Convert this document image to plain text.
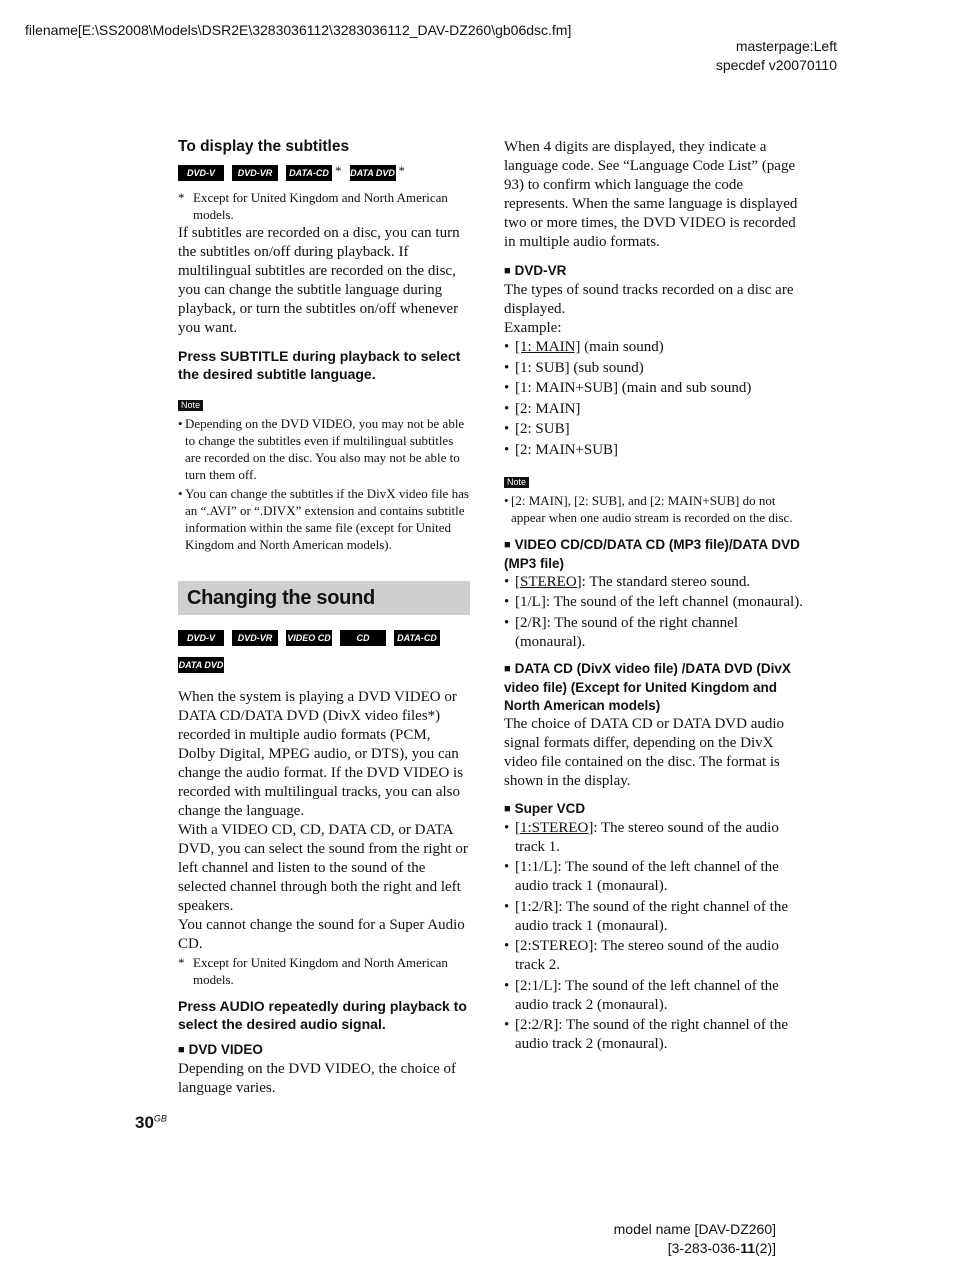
filename[E:\SS2008\Models\DSR2E\3283036112\3283036112_DAV-DZ260\gb06dsc.fm]
masterpage:Left
specdef v20070110
To display the subtitles
DVD-V	DVD-VR	DATA-CD * DATA DVD *
* Except for United Kingdom and North American models.

If subtitles are recorded on a disc, you can turn the subtitles on/off during playback. If multilingual subtitles are recorded on the disc, you can change the subtitle language during playback, or turn the subtitles on/off whenever you want.

Press SUBTITLE during playback to select the desired subtitle language.

Note
• Depending on the DVD VIDEO, you may not be able to change the subtitles even if multilingual subtitles are recorded on the disc. You also may not be able to turn them off.
• You can change the subtitles if the DivX video file has an “.AVI” or “.DIVX” extension and contains subtitle information within the same file (except for United Kingdom and North American models).
Changing the sound
DVD-V	DVD-VR	VIDEO CD	CD	DATA-CD
DATA DVD

When the system is playing a DVD VIDEO or DATA CD/DATA DVD (DivX video files*) recorded in multiple audio formats (PCM, Dolby Digital, MPEG audio, or DTS), you can change the audio format. If the DVD VIDEO is recorded with multilingual tracks, you can also change the language.

With a VIDEO CD, CD, DATA CD, or DATA DVD, you can select the sound from the right or left channel and listen to the sound of the selected channel through both the right and left speakers.

You cannot change the sound for a Super Audio CD.

* Except for United Kingdom and North American models.

Press AUDIO repeatedly during playback to select the desired audio signal.

■ DVD VIDEO

Depending on the DVD VIDEO, the choice of language varies.

When 4 digits are displayed, they indicate a language code. See “Language Code List” (page 93) to confirm which language the code represents. When the same language is displayed two or more times, the DVD VIDEO is recorded in multiple audio formats.

■ DVD-VR

The types of sound tracks recorded on a disc are displayed.

Example:

• [1: MAIN] (main sound)
• [1: SUB] (sub sound)
• [1: MAIN+SUB] (main and sub sound)
• [2: MAIN]
• [2: SUB]
• [2: MAIN+SUB]
Note
• [2: MAIN], [2: SUB], and [2: MAIN+SUB] do not appear when one audio stream is recorded on the disc.
■ VIDEO CD/CD/DATA CD (MP3 file)/DATA DVD (MP3 file)
• [STEREO]: The standard stereo sound.
• [1/L]: The sound of the left channel (monaural).
• [2/R]: The sound of the right channel (monaural).
■ DATA CD (DivX video file) /DATA DVD (DivX video file) (Except for United Kingdom and North American models)

The choice of DATA CD or DATA DVD audio signal formats differ, depending on the DivX video file contained on the disc. The format is shown in the display.

■ Super VCD
• [1:STEREO]: The stereo sound of the audio track 1.
• [1:1/L]: The sound of the left channel of the audio track 1 (monaural).
• [1:2/R]: The sound of the right channel of the audio track 1 (monaural).
• [2:STEREO]: The stereo sound of the audio track 2.
• [2:1/L]: The sound of the left channel of the audio track 2 (monaural).
• [2:2/R]: The sound of the right channel of the audio track 2 (monaural).
$30^{GB}$
model name [DAV-DZ260]
[3-283-036-11(2)]
